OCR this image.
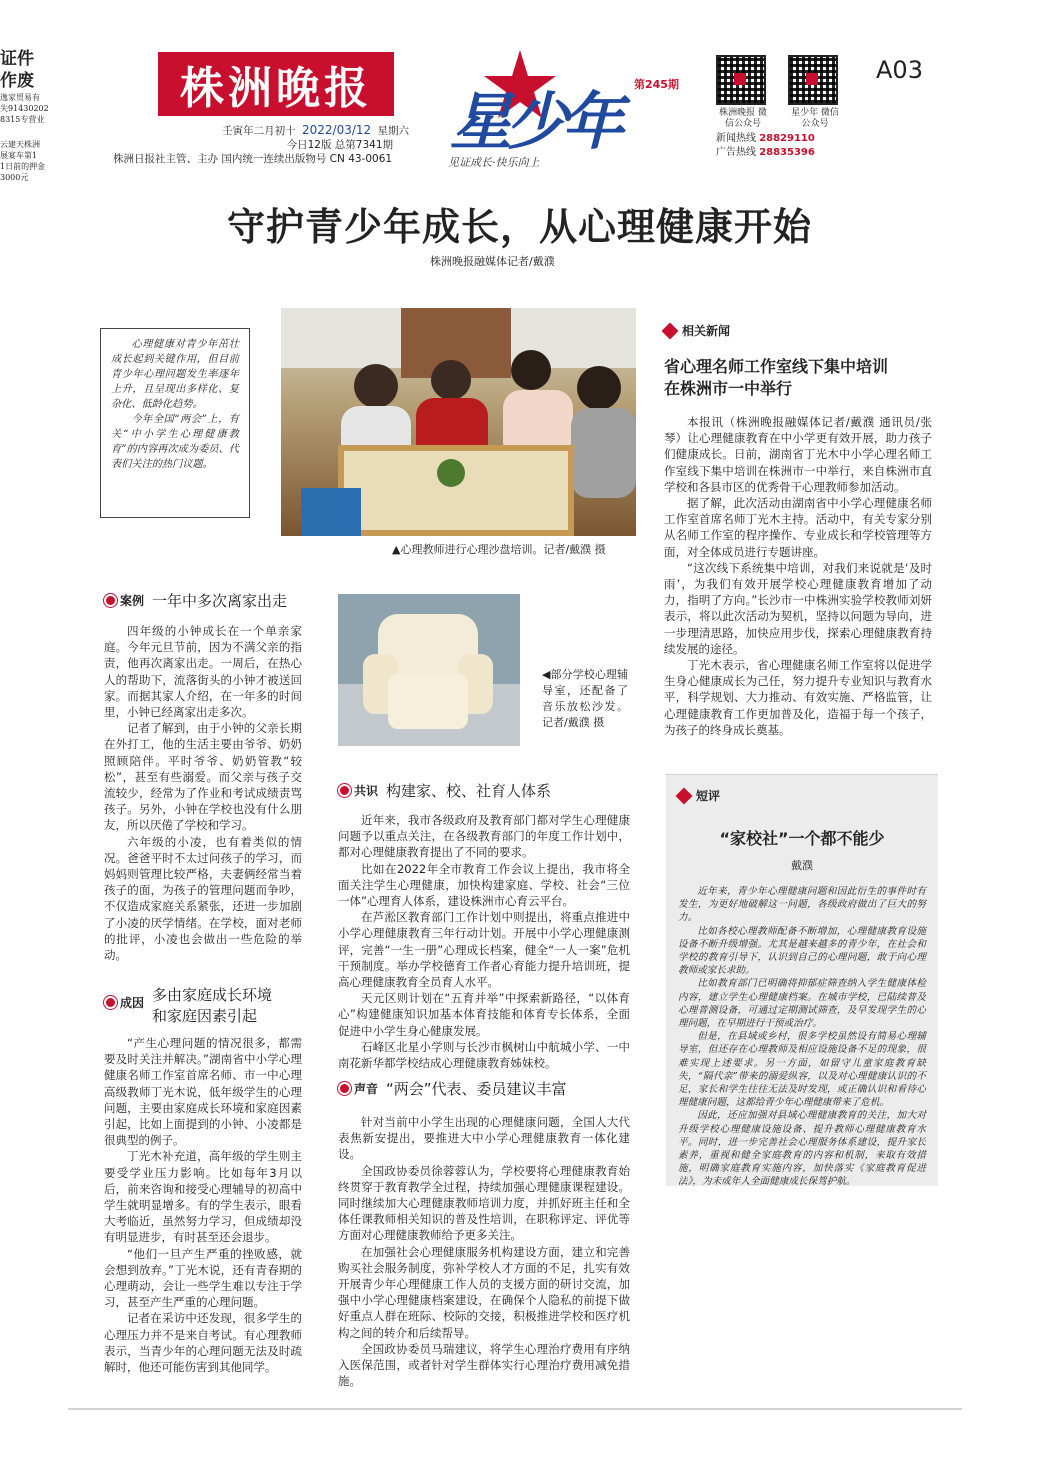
证件
作废
逸家贸易有
失91430202
8315专营业
云建天株洲
展宴车第1
1日前的押金
3000元
株洲晚报
壬寅年二月初十 2022/03/12 星期六
今日12版 总第7341期
株洲日报社主管、主办 国内统一连续出版物号 CN 43-0061
星少年
第245期
见证成长·快乐向上
株洲晚报 微信公众号
星少年 微信公众号
新闻热线 28829110
广告热线 28835396
A03
守护青少年成长，从心理健康开始
株洲晚报融媒体记者/戴濮

心理健康对青少年茁壮成长起到关键作用，但目前青少年心理问题发生率逐年上升，且呈现出多样化、复杂化、低龄化趋势。

今年全国“两会”上，有关“中小学生心理健康教育”的内容再次成为委员、代表们关注的热门议题。

▲心理教师进行心理沙盘培训。记者/戴濮 摄
案例 一年中多次离家出走

四年级的小钟成长在一个单亲家庭。今年元旦节前，因为不满父亲的指责，他再次离家出走。一周后，在热心人的帮助下，流落街头的小钟才被送回家。而据其家人介绍，在一年多的时间里，小钟已经离家出走多次。

记者了解到，由于小钟的父亲长期在外打工，他的生活主要由爷爷、奶奶照顾陪伴。平时爷爷、奶奶管教“较松”，甚至有些溺爱。而父亲与孩子交流较少，经常为了作业和考试成绩责骂孩子。另外，小钟在学校也没有什么朋友，所以厌倦了学校和学习。

六年级的小凌，也有着类似的情况。爸爸平时不太过问孩子的学习，而妈妈则管理比较严格，夫妻俩经常当着孩子的面，为孩子的管理问题而争吵，不仅造成家庭关系紧张，还进一步加剧了小凌的厌学情绪。在学校，面对老师的批评，小凌也会做出一些危险的举动。

成因 多由家庭成长环境
和家庭因素引起

“产生心理问题的情况很多，都需要及时关注并解决。”湖南省中小学心理健康名师工作室首席名师、市一中心理高级教师丁光木说，低年级学生的心理问题，主要由家庭成长环境和家庭因素引起，比如上面提到的小钟、小凌都是很典型的例子。

丁光木补充道，高年级的学生则主要受学业压力影响。比如每年3月以后，前来咨询和接受心理辅导的初高中学生就明显增多。有的学生表示，眼看大考临近，虽然努力学习，但成绩却没有明显进步，有时甚至还会退步。

“他们一旦产生严重的挫败感，就会想到放弃。”丁光木说，还有青春期的心理萌动，会让一些学生难以专注于学习，甚至产生严重的心理问题。

记者在采访中还发现，很多学生的心理压力并不是来自考试。有心理教师表示，当青少年的心理问题无法及时疏解时，他还可能伤害到其他同学。

◀部分学校心理辅导室，还配备了音乐放松沙发。记者/戴濮 摄
共识 构建家、校、社育人体系

近年来，我市各级政府及教育部门都对学生心理健康问题予以重点关注，在各级教育部门的年度工作计划中，都对心理健康教育提出了不同的要求。

比如在2022年全市教育工作会议上提出，我市将全面关注学生心理健康，加快构建家庭、学校、社会“三位一体”心理育人体系，建设株洲市心育云平台。

在芦淞区教育部门工作计划中则提出，将重点推进中小学心理健康教育三年行动计划。开展中小学心理健康测评，完善“一生一册”心理成长档案，健全“一人一案”危机干预制度。举办学校德育工作者心育能力提升培训班，提高心理健康教育全员育人水平。

天元区则计划在“五育并举”中探索新路径，“以体育心”构建健康知识加基本体育技能和体育专长体系，全面促进中小学生身心健康发展。

石峰区北星小学则与长沙市枫树山中航城小学、一中南花新华都学校结成心理健康教育姊妹校。

声音 “两会”代表、委员建议丰富

针对当前中小学生出现的心理健康问题，全国人大代表焦新安提出，要推进大中小学心理健康教育一体化建设。

全国政协委员徐蓉蓉认为，学校要将心理健康教育始终贯穿于教育教学全过程，持续加强心理健康课程建设。同时继续加大心理健康教师培训力度，并抓好班主任和全体任课教师相关知识的普及性培训，在职称评定、评优等方面对心理健康教师给予更多关注。

在加强社会心理健康服务机构建设方面，建立和完善购买社会服务制度，弥补学校人才方面的不足，扎实有效开展青少年心理健康工作人员的支援方面的研讨交流，加强中小学心理健康档案建设，在确保个人隐私的前提下做好重点人群在班际、校际的交接，积极推进学校和医疗机构之间的转介和后续帮导。

全国政协委员马瑞建议，将学生心理治疗费用有序纳入医保范围，或者针对学生群体实行心理治疗费用减免措施。

相关新闻
省心理名师工作室线下集中培训
在株洲市一中举行

本报讯（株洲晚报融媒体记者/戴濮 通讯员/张琴）让心理健康教育在中小学更有效开展，助力孩子们健康成长。日前，湖南省丁光木中小学心理名师工作室线下集中培训在株洲市一中举行，来自株洲市直学校和各县市区的优秀骨干心理教师参加活动。

据了解，此次活动由湖南省中小学心理健康名师工作室首席名师丁光木主持。活动中，有关专家分别从名师工作室的程序操作、专业成长和学校管理等方面，对全体成员进行专题讲座。

“这次线下系统集中培训，对我们来说就是‘及时雨’，为我们有效开展学校心理健康教育增加了动力，指明了方向。”长沙市一中株洲实验学校教师刘妍表示，将以此次活动为契机，坚持以问题为导向，进一步理清思路，加快应用步伐，探索心理健康教育持续发展的途径。

丁光木表示，省心理健康名师工作室将以促进学生身心健康成长为己任，努力提升专业知识与教育水平，科学规划、大力推动、有效实施、严格监管，让心理健康教育工作更加普及化，造福于每一个孩子，为孩子的终身成长奠基。

短评
“家校社”一个都不能少
戴濮

近年来，青少年心理健康问题和因此衍生的事件时有发生，为更好地破解这一问题，各级政府做出了巨大的努力。

比如各校心理教师配备不断增加，心理健康教育设施设备不断升级增强。尤其是越来越多的青少年，在社会和学校的教育引导下，认识到自己的心理问题，敢于向心理教师或家长求助。

比如教育部门已明确将抑郁症筛查纳入学生健康体检内容，建立学生心理健康档案。在城市学校，已陆续普及心理普测设备，可通过定期测试筛查，及早发现学生的心理问题，在早期进行干预或治疗。

但是，在县域或乡村，很多学校虽然设有简易心理辅导室，但还存在心理教师及相应设施设备不足的现象，很难实现上述要求。另一方面，如留守儿童家庭教育缺失，“隔代亲”带来的溺爱纵容，以及对心理健康认识的不足，家长和学生往往无法及时发现，或正确认识和看待心理健康问题，这都给青少年心理健康带来了危机。

因此，还应加强对县域心理健康教育的关注，加大对升级学校心理健康设施设备、提升教师心理健康教育水平。同时，进一步完善社会心理服务体系建设，提升家长素养，重视和健全家庭教育的内容和机制，来取有效措施，明确家庭教育实施内容，加快落实《家庭教育促进法》，为未成年人全面健康成长保驾护航。
